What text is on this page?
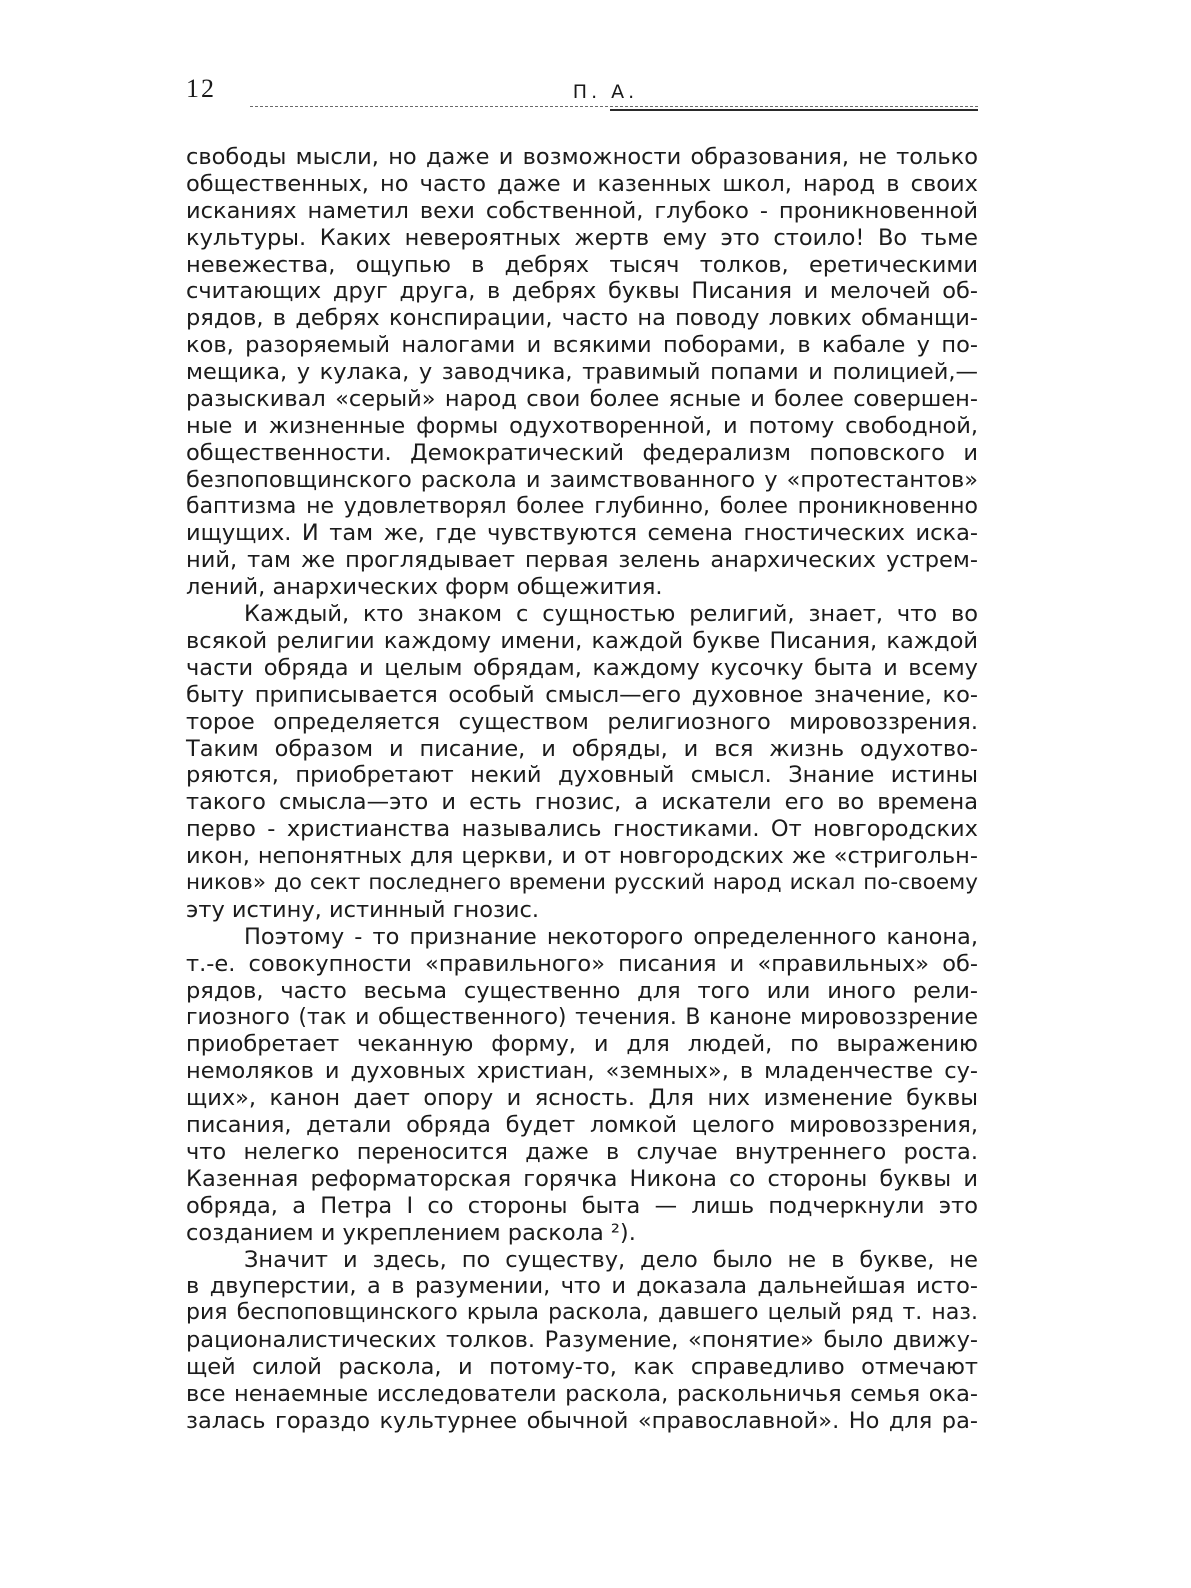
12	П. А.
свободы мысли, но даже и возможности образования, не только
общественных, но часто даже и казенных школ, народ в своих
исканиях наметил вехи собственной, глубоко - проникновенной
культуры. Каких невероятных жертв ему это стоило! Во тьме
невежества, ощупью в дебрях тысяч толков, еретическими
считающих друг друга, в дебрях буквы Писания и мелочей об-
рядов, в дебрях конспирации, часто на поводу ловких обманщи-
ков, разоряемый налогами и всякими поборами, в кабале у по-
мещика, у кулака, у заводчика, травимый попами и полицией,—
разыскивал «серый» народ свои более ясные и более совершен-
ные и жизненные формы одухотворенной, и потому свободной,
общественности. Демократический федерализм поповского и
безпоповщинского раскола и заимствованного у «протестантов»
баптизма не удовлетворял более глубинно, более проникновенно
ищущих. И там же, где чувствуются семена гностических иска-
ний, там же проглядывает первая зелень анархических устрем-
лений, анархических форм общежития.
Каждый, кто знаком с сущностью религий, знает, что во
всякой религии каждому имени, каждой букве Писания, каждой
части обряда и целым обрядам, каждому кусочку быта и всему
быту приписывается особый смысл—его духовное значение, ко-
торое определяется существом религиозного мировоззрения.
Таким образом и писание, и обряды, и вся жизнь одухотво-
ряются, приобретают некий духовный смысл. Знание истины
такого смысла—это и есть гнозис, а искатели его во времена
перво - христианства назывались гностиками. От новгородских
икон, непонятных для церкви, и от новгородских же «стригольн-
ников» до сект последнего времени русский народ искал по-своему
эту истину, истинный гнозис.
Поэтому - то признание некоторого определенного канона,
т.-е. совокупности «правильного» писания и «правильных» об-
рядов, часто весьма существенно для того или иного рели-
гиозного (так и общественного) течения. В каноне мировоззрение
приобретает чеканную форму, и для людей, по выражению
немоляков и духовных христиан, «земных», в младенчестве су-
щих», канон дает опору и ясность. Для них изменение буквы
писания, детали обряда будет ломкой целого мировоззрения,
что нелегко переносится даже в случае внутреннего роста.
Казенная реформаторская горячка Никона со стороны буквы и
обряда, а Петра I со стороны быта — лишь подчеркнули это
созданием и укреплением раскола ²).
Значит и здесь, по существу, дело было не в букве, не
в двуперстии, а в разумении, что и доказала дальнейшая исто-
рия беспоповщинского крыла раскола, давшего целый ряд т. наз.
рационалистических толков. Разумение, «понятие» было движу-
щей силой раскола, и потому-то, как справедливо отмечают
все ненаемные исследователи раскола, раскольничья семья ока-
залась гораздо культурнее обычной «православной». Но для ра-
